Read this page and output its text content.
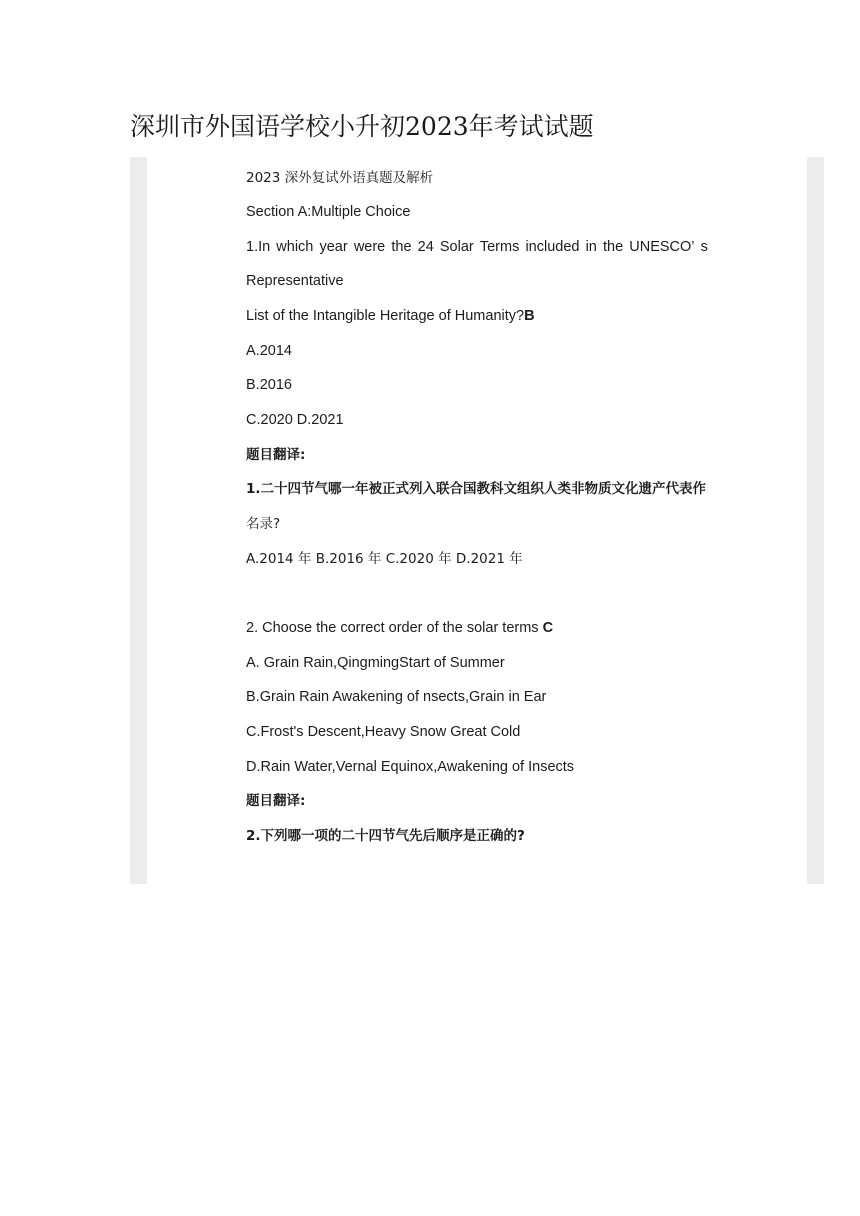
深圳市外国语学校小升初2023年考试试题
2023 深外复试外语真题及解析
Section A:Multiple Choice
1.In which year were the 24 Solar Terms included in the UNESCO’ s
Representative
List of the Intangible Heritage of Humanity?B
A.2014
B.2016
C.2020 D.2021
题目翻译:
1.二十四节气哪一年被正式列入联合国教科文组织人类非物质文化遗产代表作
名录?
A.2014 年 B.2016 年 C.2020 年 D.2021 年
2. Choose the correct order of the solar terms C
A. Grain Rain,QingmingStart of Summer
B.Grain Rain Awakening of nsects,Grain in Ear
C.Frost's Descent,Heavy Snow Great Cold
D.Rain Water,Vernal Equinox,Awakening of Insects
题目翻译:
2.下列哪一项的二十四节气先后顺序是正确的?
